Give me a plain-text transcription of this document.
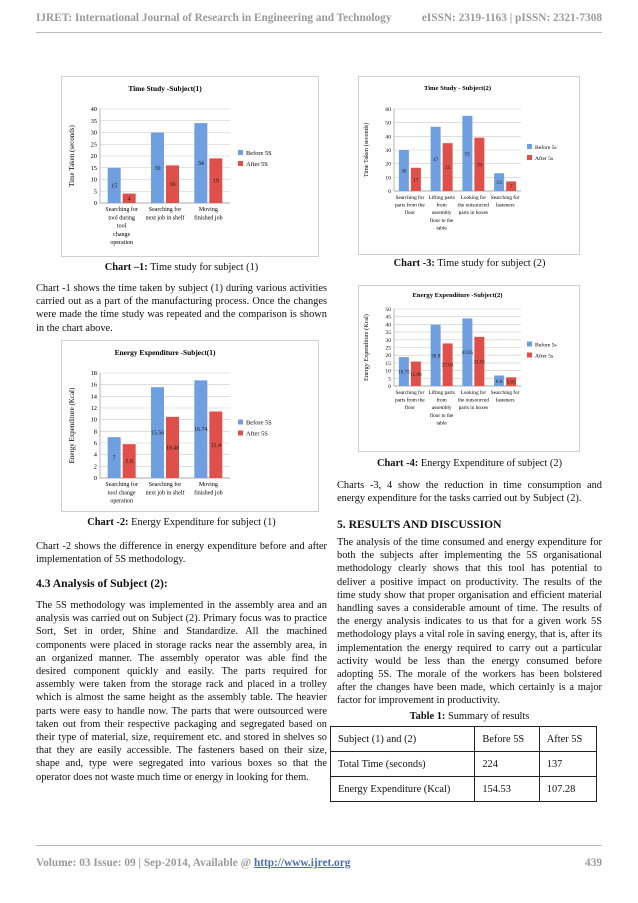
IJRET: International Journal of Research in Engineering and Technology	eISSN: 2319-1163 | pISSN: 2321-7308
Time Study -Subject(1)
0
5
10
15
20
25
30
35
40
Time Taken (seconds)	15
4
Searching for
tool during
tool
change
operation
30
16
Searching for
next job in shelf
34
19
Moving
finished job
Before 5S
After 5S
Chart –1: Time study for subject (1)
Chart -1 shows the time taken by subject (1) during various activities carried out as a part of the manufacturing process. Once the changes were made the time study was repeated and the comparison is shown in the chart above.
Energy Expenditure -Subject(1)
0
2
4
6
8
10
12
14
16
18
Energy Expenditure (Kcal)	7
5.8
Searching for
tool change
15.56
10.48
Searching for
next job in shelf
16.74
11.4
Moving
finished job
operation
Before 5S
After 5S
Chart -2: Energy Expenditure for subject (1)
Chart -2 shows the difference in energy expenditure before and after implementation of 5S methodology.
4.3 Analysis of Subject (2):
The 5S methodology was implemented in the assembly area and an analysis was carried out on Subject (2). Primary focus was to practice Sort, Set in order, Shine and Standardize. All the machined components were placed in storage racks near the assembly area, in an organized manner. The assembly operator was able find the desired component quickly and easily. The parts required for assembly were taken from the storage rack and placed in a trolley which is almost the same height as the assembly table. The heavier parts were easy to handle now. The parts that were outsourced were taken out from their respective packaging and segregated based on their type of material, size, requirement etc. and stored in shelves so that they are easily accessible. The fasteners based on their size, shape and, type were segregated into various boxes so that the operator does not waste much time or energy in looking for them.
Time Study - Subject(2)
0
10
20
30
40
50
60
Time Taken (seconds)	30
17
Searching for
parts from the
floor
47
35
Lifting parts
from
assembly
floor to the
table
55
39
Looking for
the outsourced
parts in boxes
13
7
Searching for
fasteners
Before 5s
After 5s
Chart -3: Time study for subject (2)
Energy Expenditure -Subject(2)
0
5
10
15
20
25
30
35
40
45
50
Energy Expenditure (Kcal)	18.75 15.88
Searching for
parts from the
floor
39.8
27.63
Lifting parts
from
assembly
floor to the
table
43.85
31.91
Looking for
the outsourced
parts in boxes
6.8 5.65
Searching for
fasteners
Before 5s
After 5s
Chart -4: Energy Expenditure of subject (2)
Charts -3, 4 show the reduction in time consumption and energy expenditure for the tasks carried out by Subject (2).
5. RESULTS AND DISCUSSION
The analysis of the time consumed and energy expenditure for both the subjects after implementing the 5S organisational methodology clearly shows that this tool has potential to deliver a positive impact on productivity. The results of the time study show that proper organisation and efficient material handling saves a considerable amount of time. The results of the energy analysis indicates to us that for a given work 5S methodology plays a vital role in saving energy, that is, after its implementation the energy required to carry out a particular activity would be less than the energy consumed before adopting 5S. The morale of the workers has been bolstered after the changes have been made, which certainly is a major factor for improvement in productivity.
Table 1: Summary of results
Subject (1) and (2)	Before 5S	After 5S
Total Time (seconds)	224	137
Energy Expenditure (Kcal)	154.53	107.28
Volume: 03 Issue: 09 | Sep-2014, Available @ http://www.ijret.org	439
